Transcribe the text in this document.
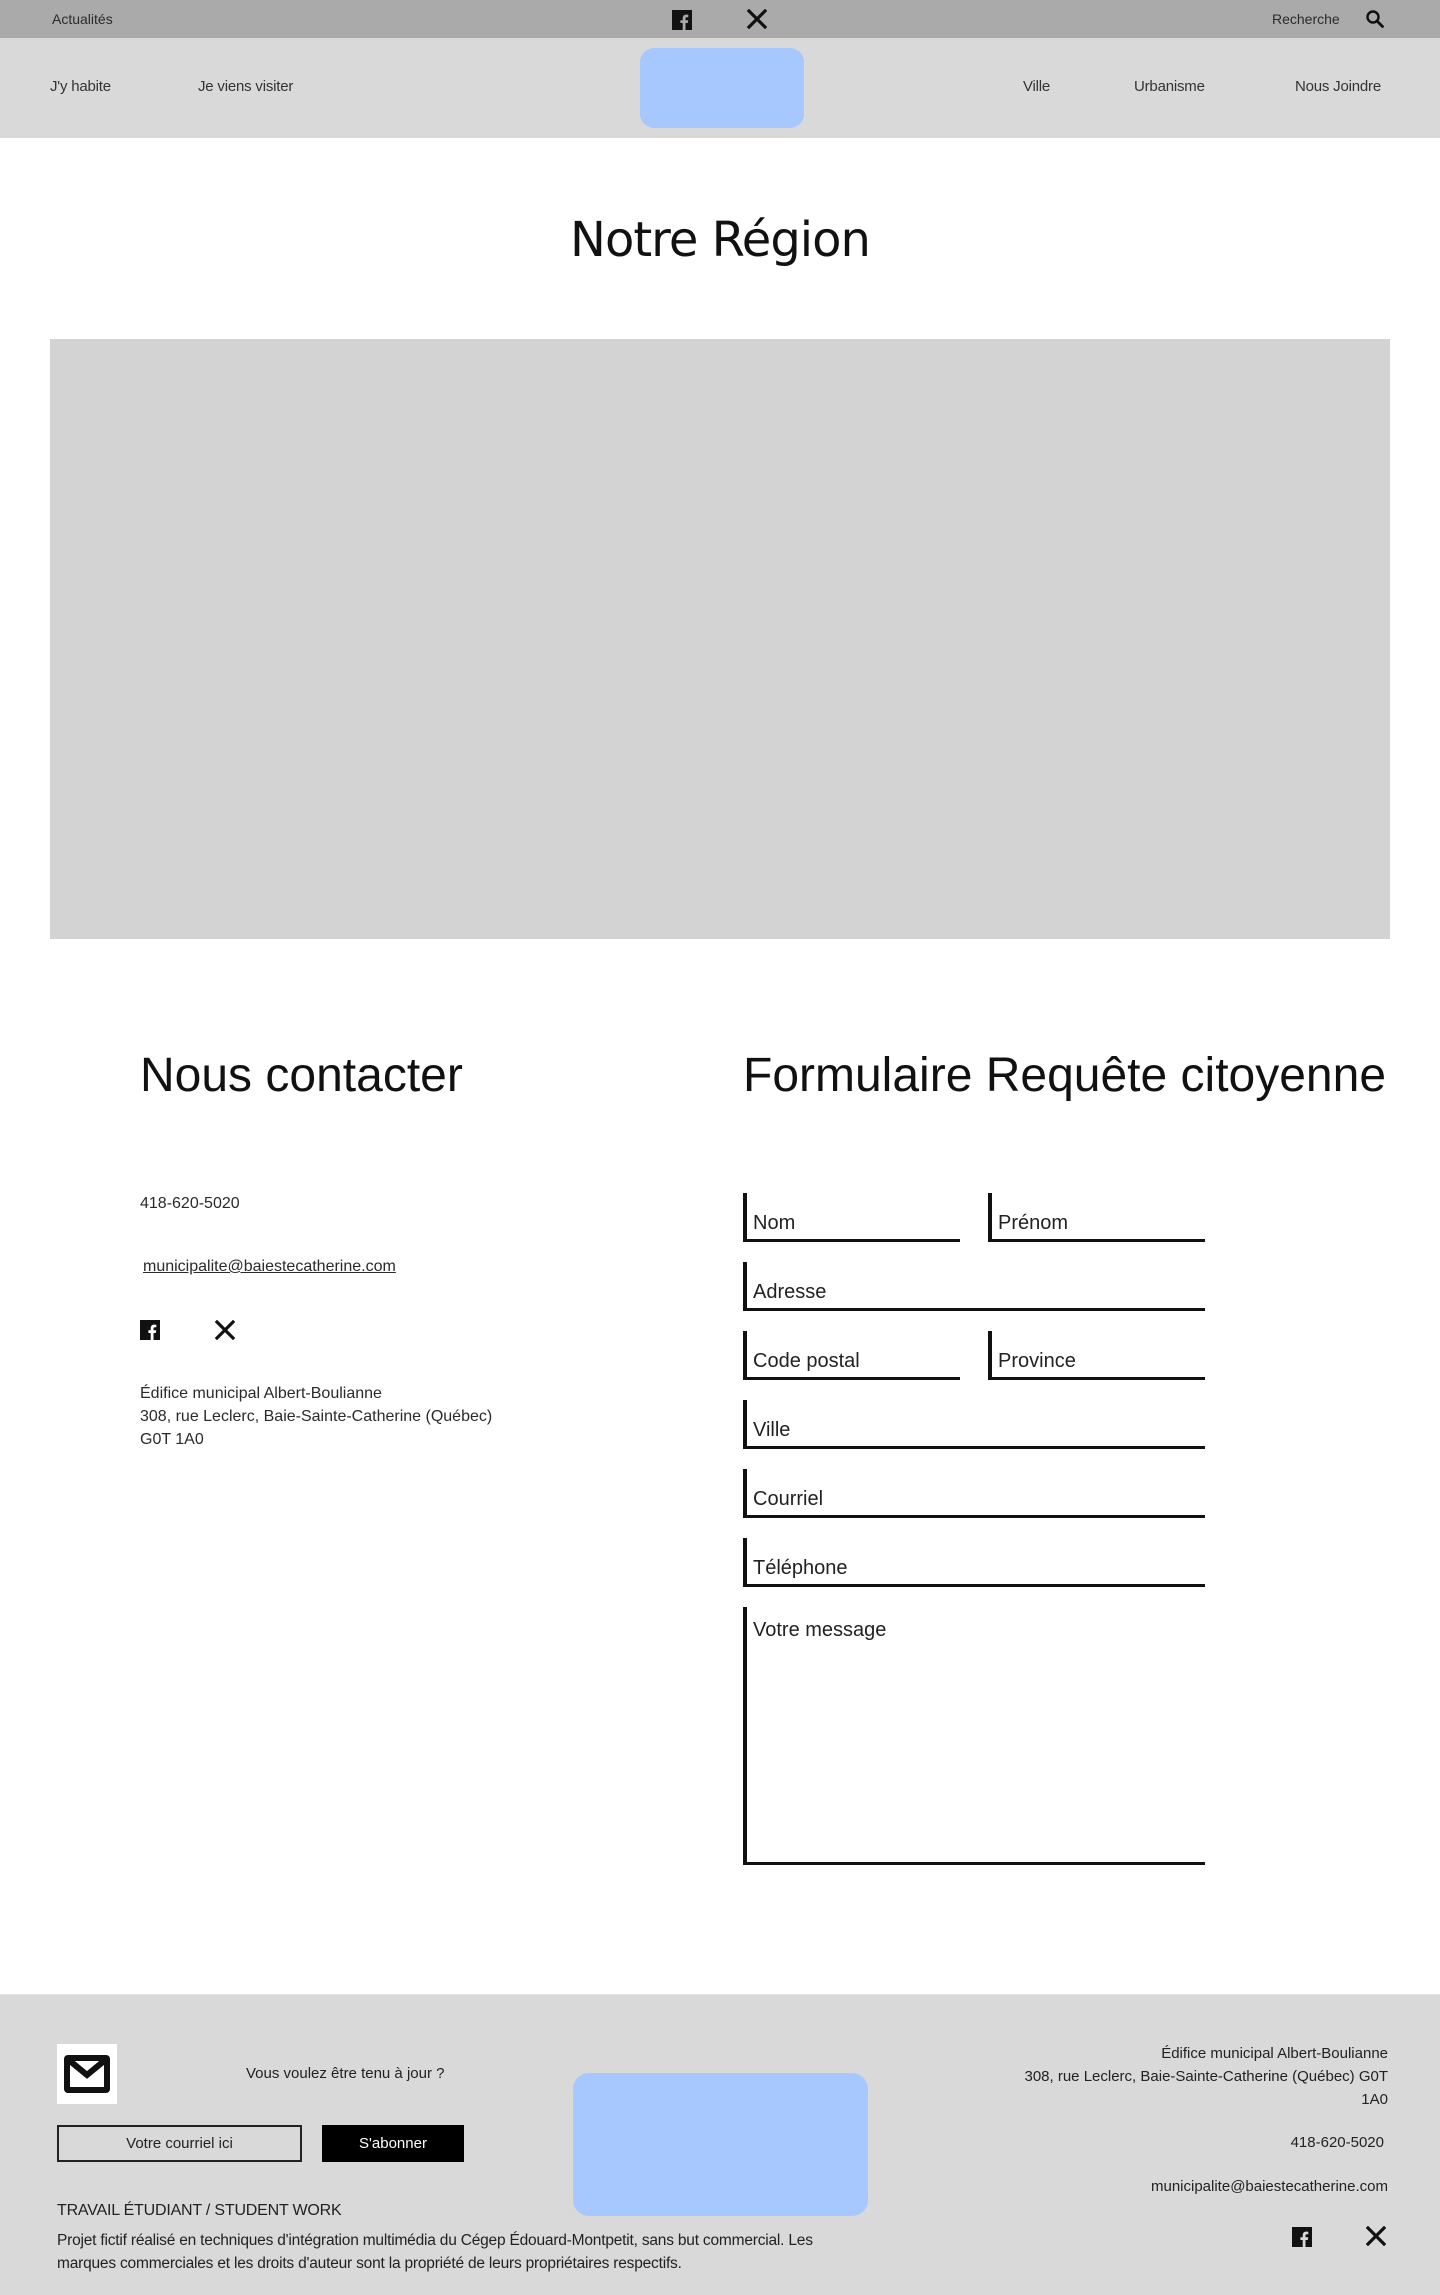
Actualités	Recherche
J'y habite	Je viens visiter	Ville	Urbanisme	Nous Joindre
Notre Région
Nous contacter
418-620-5020
municipalite@baiestecatherine.com
Édifice municipal Albert-Boulianne
308, rue Leclerc, Baie-Sainte-Catherine (Québec)
G0T 1A0
Formulaire Requête citoyenne
Nom
Prénom
Adresse
Code postal
Province
Ville
Courriel
Téléphone
Votre message
Vous voulez être tenu à jour ?
Votre courriel ici
S'abonner
TRAVAIL ÉTUDIANT / STUDENT WORK
Projet fictif réalisé en techniques d'intégration multimédia du Cégep Édouard-Montpetit, sans but commercial. Les marques commerciales et les droits d'auteur sont la propriété de leurs propriétaires respectifs.
Édifice municipal Albert-Boulianne
308, rue Leclerc, Baie-Sainte-Catherine (Québec) G0T
1A0
418-620-5020
municipalite@baiestecatherine.com
